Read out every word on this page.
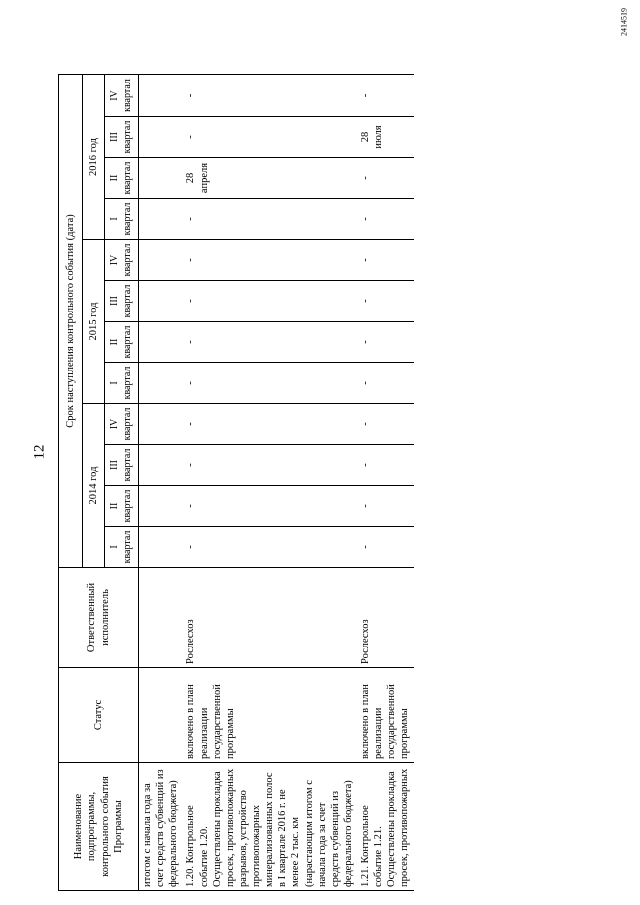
12
2414519
Наименование подпрограммы, контрольного события Программы	Статус	Ответственный исполнитель	Срок наступления контрольного события (дата)											
			2014 год				2015 год				2016 год			
			I квартал	II квартал	III квартал	IV квартал	I квартал	II квартал	III квартал	IV квартал	I квартал	II квартал	III квартал	IV квартал
итогом с начала года за счет средств субвенций из федерального бюджета)														
1.20. Контрольное событие 1.20. Осуществлены прокладка просек, противопожарных разрывов, устройство противопожарных минерализованных полос в I квартале 2016 г. не менее 2 тыс. км (нарастающим итогом с начала года за счет средств субвенций из федерального бюджета)	включено в план реализации государственной программы	Рослесхоз	-	-	-	-	-	-	-	-	-	28 апреля	-	-
1.21. Контрольное событие 1.21. Осуществлены прокладка просек, противопожарных	включено в план реализации государственной программы	Рослесхоз	-	-	-	-	-	-	-	-	-	-	28 июля	-
